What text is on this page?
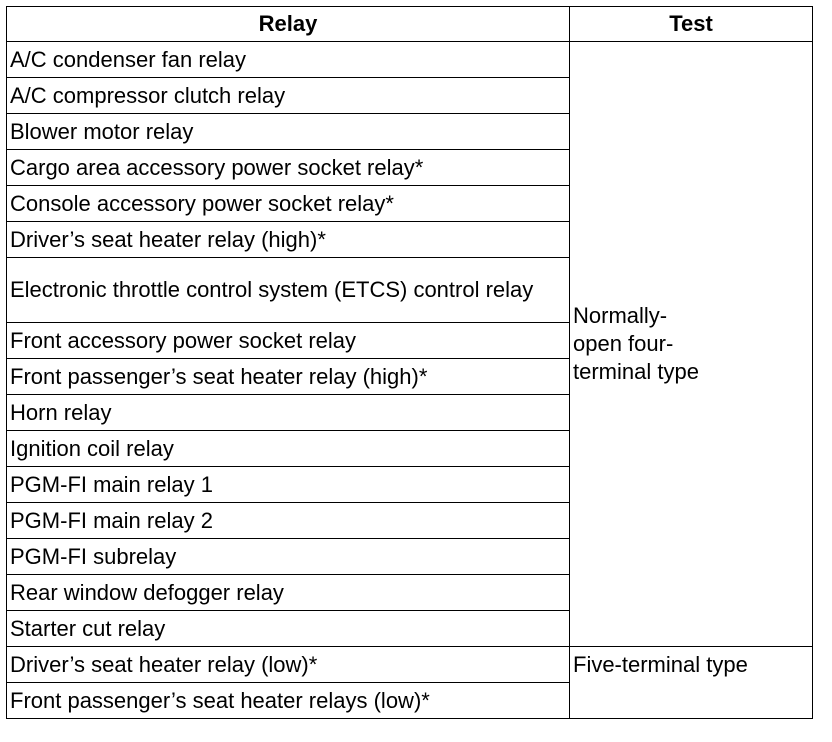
Relay	Test
A/C condenser fan relay	Normally-
open four-
terminal type
A/C compressor clutch relay	
Blower motor relay	
Cargo area accessory power socket relay*	
Console accessory power socket relay*	
Driver’s seat heater relay (high)*	
Electronic throttle control system (ETCS) control relay	
Front accessory power socket relay	
Front passenger’s seat heater relay (high)*	
Horn relay	
Ignition coil relay	
PGM-FI main relay 1	
PGM-FI main relay 2	
PGM-FI subrelay	
Rear window defogger relay	
Starter cut relay	
Driver’s seat heater relay (low)*	Five-terminal type
Front passenger’s seat heater relays (low)*	
